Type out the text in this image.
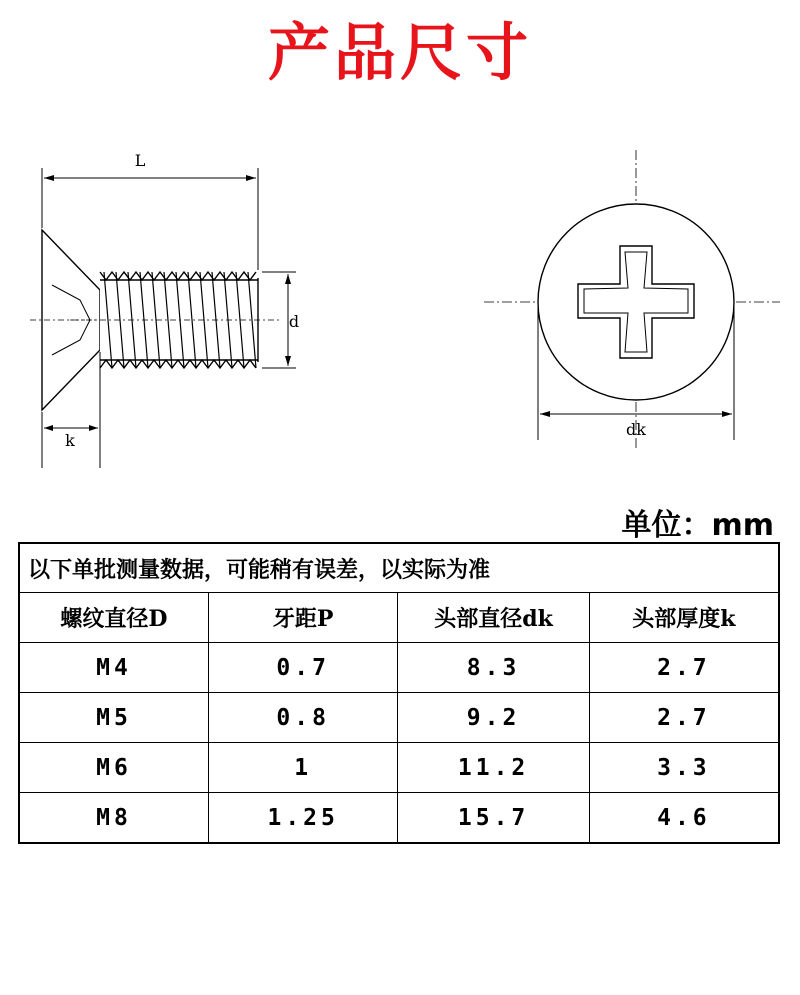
产品尺寸
L
d
k
dk
单位：mm
以下单批测量数据，可能稍有误差，以实际为准			
螺纹直径D	牙距P	头部直径dk	头部厚度k
M4	0.7	8.3	2.7
M5	0.8	9.2	2.7
M6	1	11.2	3.3
M8	1.25	15.7	4.6
